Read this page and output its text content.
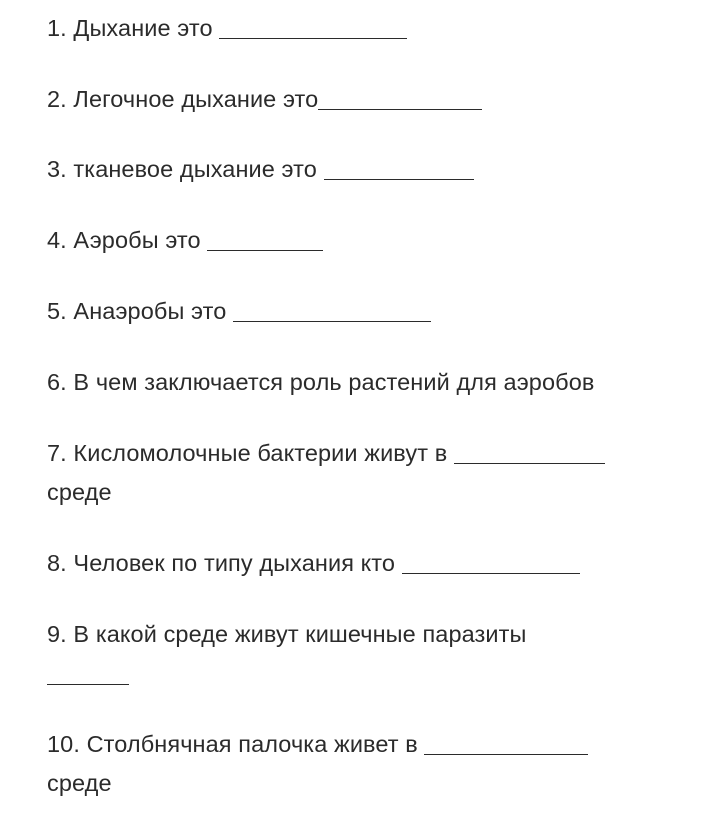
1. Дыхание это
2. Легочное дыхание это
3. тканевое дыхание это
4. Аэробы это
5. Анаэробы это
6. В чем заключается роль растений для аэробов
7. Кисломолочные бактерии живут в
среде
8. Человек по типу дыхания кто
9. В какой среде живут кишечные паразиты
10. Столбнячная палочка живет в
среде
